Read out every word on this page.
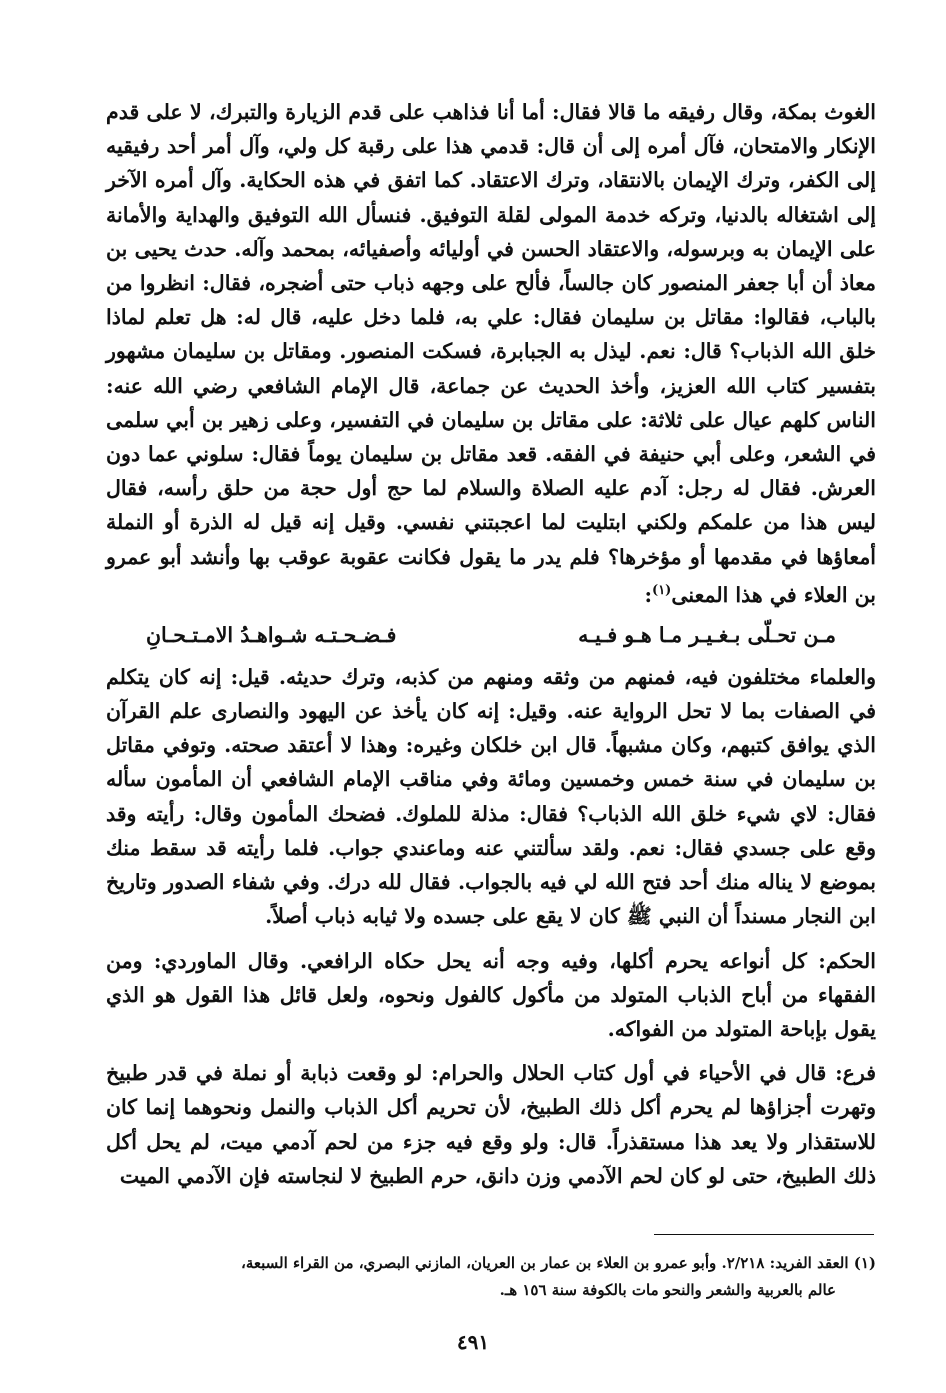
الغوث بمكة، وقال رفيقه ما قالا فقال: أما أنا فذاهب على قدم الزيارة والتبرك، لا على قدم الإنكار والامتحان، فآل أمره إلى أن قال: قدمي هذا على رقبة كل ولي، وآل أمر أحد رفيقيه إلى الكفر، وترك الإيمان بالانتقاد، وترك الاعتقاد. كما اتفق في هذه الحكاية. وآل أمره الآخر إلى اشتغاله بالدنيا، وتركه خدمة المولى لقلة التوفيق. فنسأل الله التوفيق والهداية والأمانة على الإيمان به وبرسوله، والاعتقاد الحسن في أوليائه وأصفيائه، بمحمد وآله. حدث يحيى بن معاذ أن أبا جعفر المنصور كان جالساً، فألح على وجهه ذباب حتى أضجره، فقال: انظروا من بالباب، فقالوا: مقاتل بن سليمان فقال: علي به، فلما دخل عليه، قال له: هل تعلم لماذا خلق الله الذباب؟ قال: نعم. ليذل به الجبابرة، فسكت المنصور. ومقاتل بن سليمان مشهور بتفسير كتاب الله العزيز، وأخذ الحديث عن جماعة، قال الإمام الشافعي رضي الله عنه: الناس كلهم عيال على ثلاثة: على مقاتل بن سليمان في التفسير، وعلى زهير بن أبي سلمى في الشعر، وعلى أبي حنيفة في الفقه. قعد مقاتل بن سليمان يوماً فقال: سلوني عما دون العرش. فقال له رجل: آدم عليه الصلاة والسلام لما حج أول حجة من حلق رأسه، فقال ليس هذا من علمكم ولكني ابتليت لما اعجبتني نفسي. وقيل إنه قيل له الذرة أو النملة أمعاؤها في مقدمها أو مؤخرها؟ فلم يدر ما يقول فكانت عقوبة عوقب بها وأنشد أبو عمرو بن العلاء في هذا المعنى$^{(١)}$:

مـن تحـلّى بـغـيـر مـا هـو فـيـه
فـضـحـتـه شـواهـدُ الامـتـحـانِ

والعلماء مختلفون فيه، فمنهم من وثقه ومنهم من كذبه، وترك حديثه. قيل: إنه كان يتكلم في الصفات بما لا تحل الرواية عنه. وقيل: إنه كان يأخذ عن اليهود والنصارى علم القرآن الذي يوافق كتبهم، وكان مشبهاً. قال ابن خلكان وغيره: وهذا لا أعتقد صحته. وتوفي مقاتل بن سليمان في سنة خمس وخمسين ومائة وفي مناقب الإمام الشافعي أن المأمون سأله فقال: لاي شيء خلق الله الذباب؟ فقال: مذلة للملوك. فضحك المأمون وقال: رأيته وقد وقع على جسدي فقال: نعم. ولقد سألتني عنه وماعندي جواب. فلما رأيته قد سقط منك بموضع لا يناله منك أحد فتح الله لي فيه بالجواب. فقال لله درك. وفي شفاء الصدور وتاريخ ابن النجار مسنداً أن النبي ﷺ كان لا يقع على جسده ولا ثيابه ذباب أصلاً.

الحكم: كل أنواعه يحرم أكلها، وفيه وجه أنه يحل حكاه الرافعي. وقال الماوردي: ومن الفقهاء من أباح الذباب المتولد من مأكول كالفول ونحوه، ولعل قائل هذا القول هو الذي يقول بإباحة المتولد من الفواكه.

فرع: قال في الأحياء في أول كتاب الحلال والحرام: لو وقعت ذبابة أو نملة في قدر طبيخ وتهرت أجزاؤها لم يحرم أكل ذلك الطبيخ، لأن تحريم أكل الذباب والنمل ونحوهما إنما كان للاستقذار ولا يعد هذا مستقذراً. قال: ولو وقع فيه جزء من لحم آدمي ميت، لم يحل أكل ذلك الطبيخ، حتى لو كان لحم الآدمي وزن دانق، حرم الطبيخ لا لنجاسته فإن الآدمي الميت

(١) العقد الفريد: ٢/٢١٨. وأبو عمرو بن العلاء بن عمار بن العريان، المازني البصري، من القراء السبعة،
عالم بالعربية والشعر والنحو مات بالكوفة سنة ١٥٦ هـ.
٤٩١
